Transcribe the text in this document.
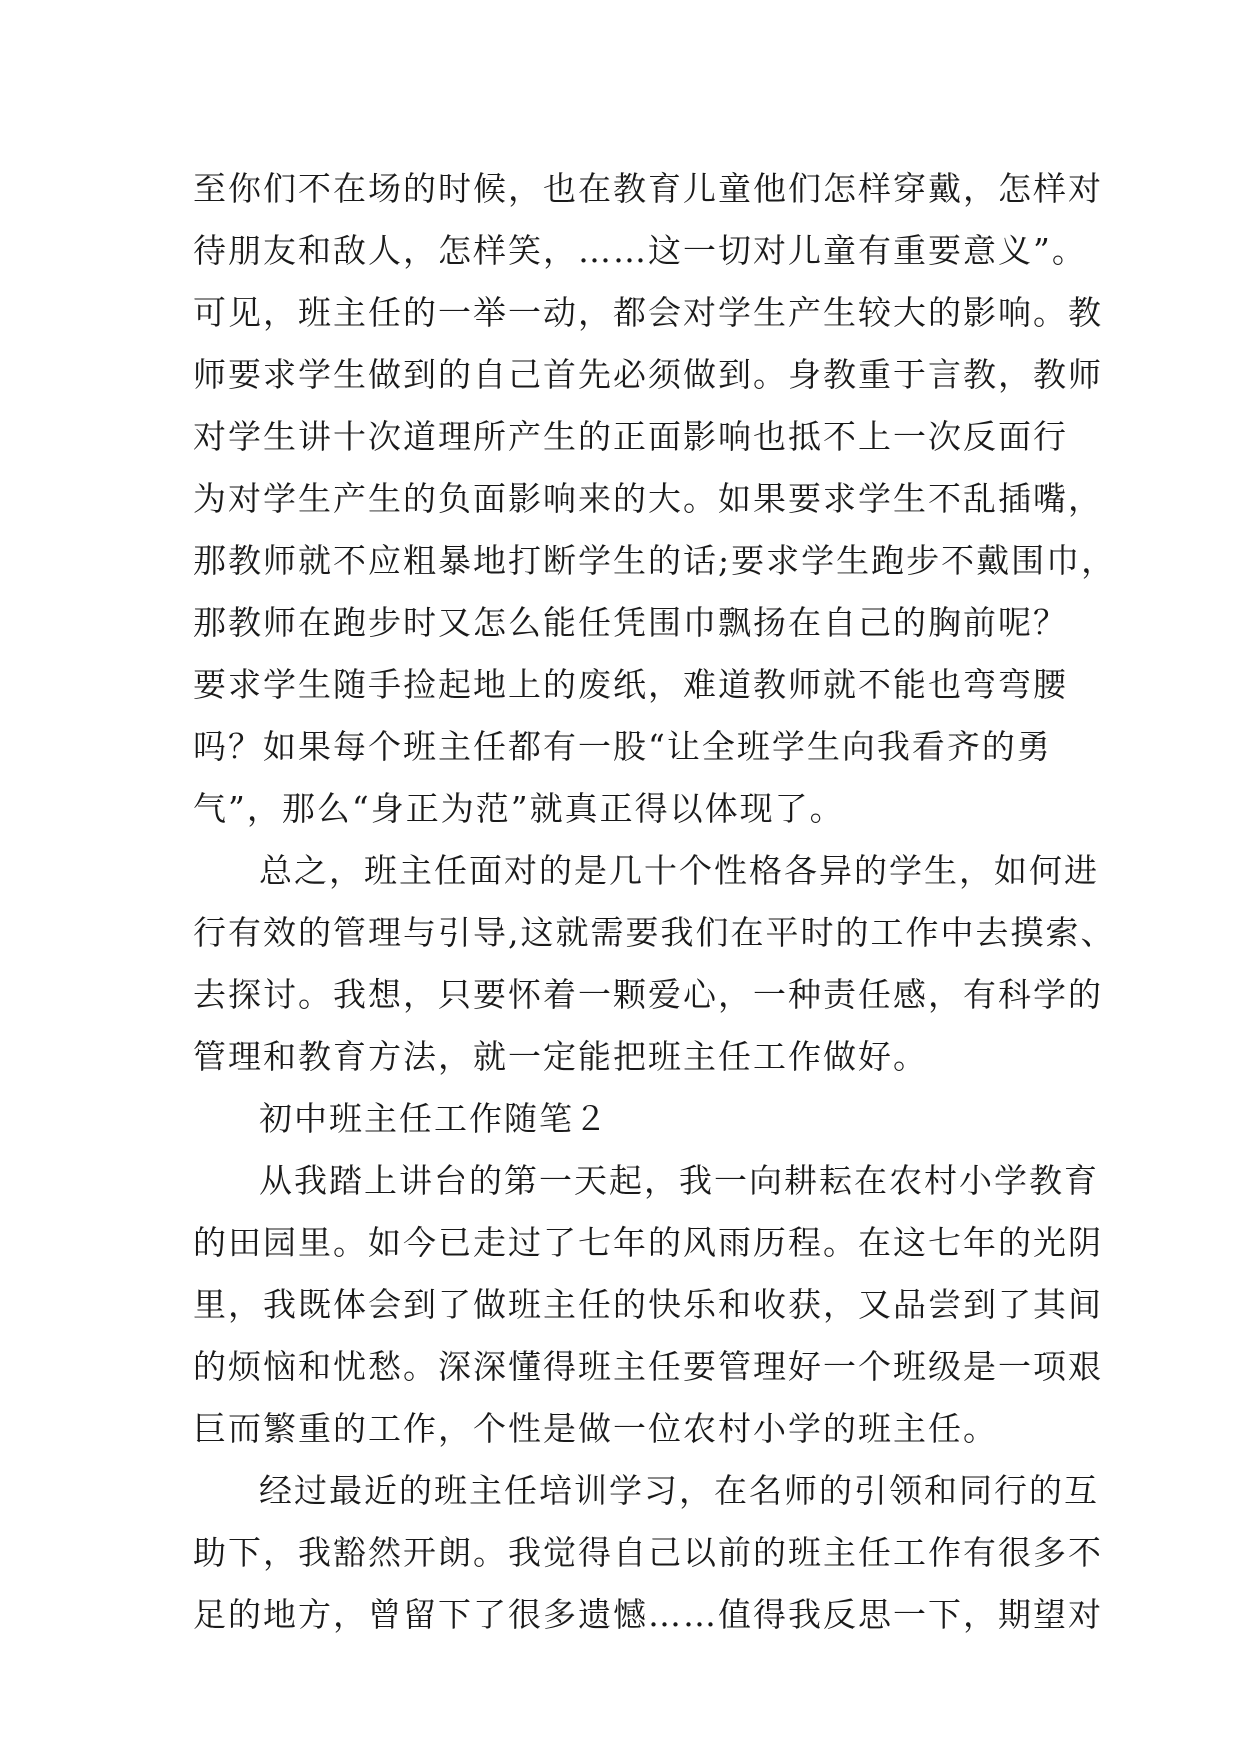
至你们不在场的时候，也在教育儿童他们怎样穿戴，怎样对
待朋友和敌人，怎样笑，……这一切对儿童有重要意义”。
可见，班主任的一举一动，都会对学生产生较大的影响。教
师要求学生做到的自己首先必须做到。身教重于言教，教师
对学生讲十次道理所产生的正面影响也抵不上一次反面行
为对学生产生的负面影响来的大。如果要求学生不乱插嘴，
那教师就不应粗暴地打断学生的话;要求学生跑步不戴围巾，
那教师在跑步时又怎么能任凭围巾飘扬在自己的胸前呢？
要求学生随手捡起地上的废纸，难道教师就不能也弯弯腰
吗？如果每个班主任都有一股“让全班学生向我看齐的勇
气”，那么“身正为范”就真正得以体现了。
总之，班主任面对的是几十个性格各异的学生，如何进
行有效的管理与引导,这就需要我们在平时的工作中去摸索、
去探讨。我想，只要怀着一颗爱心，一种责任感，有科学的
管理和教育方法，就一定能把班主任工作做好。
初中班主任工作随笔２
从我踏上讲台的第一天起，我一向耕耘在农村小学教育
的田园里。如今已走过了七年的风雨历程。在这七年的光阴
里，我既体会到了做班主任的快乐和收获，又品尝到了其间
的烦恼和忧愁。深深懂得班主任要管理好一个班级是一项艰
巨而繁重的工作，个性是做一位农村小学的班主任。
经过最近的班主任培训学习，在名师的引领和同行的互
助下，我豁然开朗。我觉得自己以前的班主任工作有很多不
足的地方，曾留下了很多遗憾……值得我反思一下，期望对
